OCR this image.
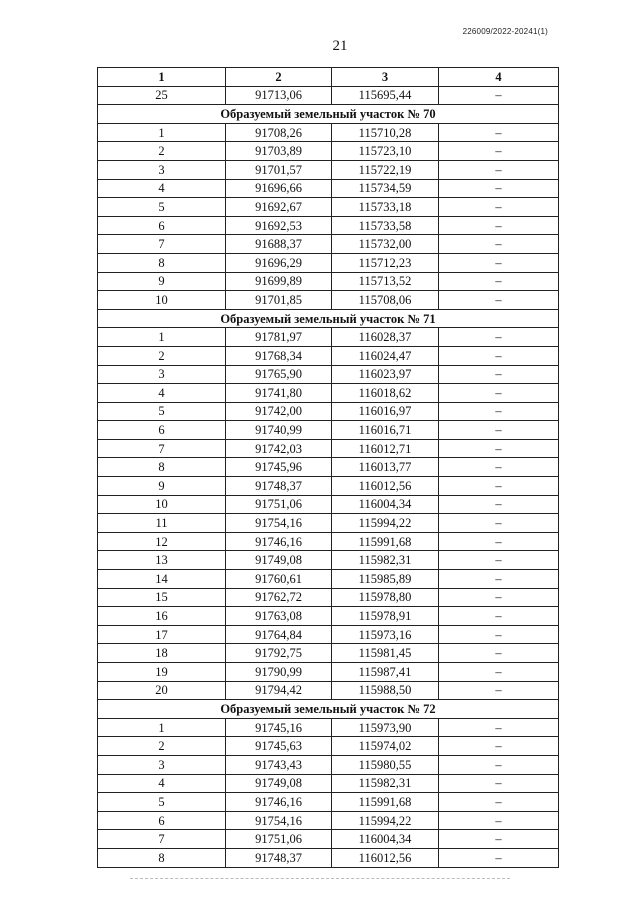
226009/2022-20241(1)
21
1	2	3	4
25	91713,06	115695,44	–
Образуемый земельный участок № 70			
1	91708,26	115710,28	–
2	91703,89	115723,10	–
3	91701,57	115722,19	–
4	91696,66	115734,59	–
5	91692,67	115733,18	–
6	91692,53	115733,58	–
7	91688,37	115732,00	–
8	91696,29	115712,23	–
9	91699,89	115713,52	–
10	91701,85	115708,06	–
Образуемый земельный участок № 71			
1	91781,97	116028,37	–
2	91768,34	116024,47	–
3	91765,90	116023,97	–
4	91741,80	116018,62	–
5	91742,00	116016,97	–
6	91740,99	116016,71	–
7	91742,03	116012,71	–
8	91745,96	116013,77	–
9	91748,37	116012,56	–
10	91751,06	116004,34	–
11	91754,16	115994,22	–
12	91746,16	115991,68	–
13	91749,08	115982,31	–
14	91760,61	115985,89	–
15	91762,72	115978,80	–
16	91763,08	115978,91	–
17	91764,84	115973,16	–
18	91792,75	115981,45	–
19	91790,99	115987,41	–
20	91794,42	115988,50	–
Образуемый земельный участок № 72			
1	91745,16	115973,90	–
2	91745,63	115974,02	–
3	91743,43	115980,55	–
4	91749,08	115982,31	–
5	91746,16	115991,68	–
6	91754,16	115994,22	–
7	91751,06	116004,34	–
8	91748,37	116012,56	–
